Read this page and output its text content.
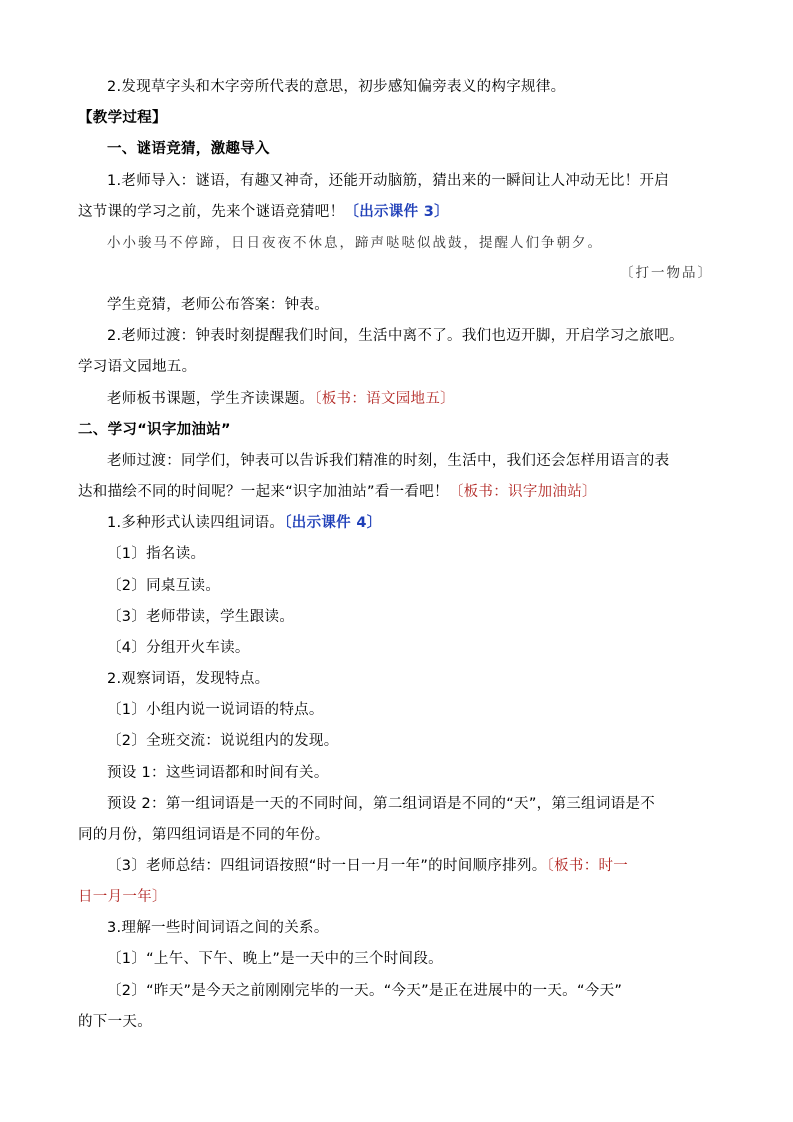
2.发现草字头和木字旁所代表的意思，初步感知偏旁表义的构字规律。
【教学过程】
一、谜语竞猜，激趣导入
1.老师导入：谜语，有趣又神奇，还能开动脑筋，猜出来的一瞬间让人冲动无比！开启
这节课的学习之前，先来个谜语竞猜吧！〔出示课件 3〕
小小骏马不停蹄，日日夜夜不休息，蹄声哒哒似战鼓，提醒人们争朝夕。
〔打一物品〕
学生竞猜，老师公布答案：钟表。
2.老师过渡：钟表时刻提醒我们时间，生活中离不了。我们也迈开脚，开启学习之旅吧。
学习语文园地五。
老师板书课题，学生齐读课题。〔板书：语文园地五〕
二、学习“识字加油站”
老师过渡：同学们，钟表可以告诉我们精准的时刻，生活中，我们还会怎样用语言的表
达和描绘不同的时间呢？一起来“识字加油站”看一看吧！〔板书：识字加油站〕
1.多种形式认读四组词语。〔出示课件 4〕
〔1〕指名读。
〔2〕同桌互读。
〔3〕老师带读，学生跟读。
〔4〕分组开火车读。
2.观察词语，发现特点。
〔1〕小组内说一说词语的特点。
〔2〕全班交流：说说组内的发现。
预设 1：这些词语都和时间有关。
预设 2：第一组词语是一天的不同时间，第二组词语是不同的“天”，第三组词语是不
同的月份，第四组词语是不同的年份。
〔3〕老师总结：四组词语按照“时一日一月一年”的时间顺序排列。〔板书：时一
日一月一年〕
3.理解一些时间词语之间的关系。
〔1〕“上午、下午、晚上”是一天中的三个时间段。
〔2〕“昨天”是今天之前刚刚完毕的一天。“今天”是正在进展中的一天。“今天”
的下一天。
